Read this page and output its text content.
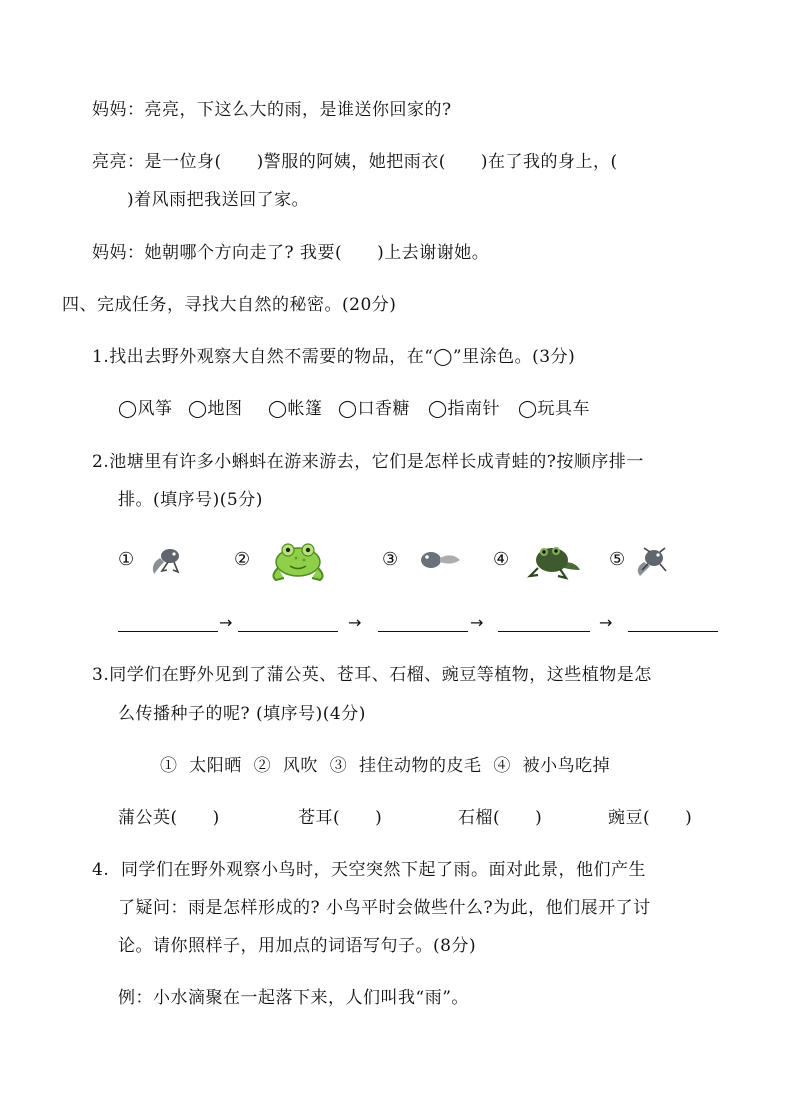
妈妈：亮亮，下这么大的雨，是谁送你回家的?
亮亮：是一位身(　　)警服的阿姨，她把雨衣(　　)在了我的身上，(
　　)着风雨把我送回了家。
妈妈：她朝哪个方向走了? 我要(　　)上去谢谢她。
四、完成任务，寻找大自然的秘密。(20分)
1.找出去野外观察大自然不需要的物品，在“◯”里涂色。(3分)
◯风筝 ◯地图 ◯帐篷 ◯口香糖 ◯指南针 ◯玩具车
2.池塘里有许多小蝌蚪在游来游去，它们是怎样长成青蛙的?按顺序排一
排。(填序号)(5分)
①	②	③	④	⑤
→	→	→	→
3.同学们在野外见到了蒲公英、苍耳、石榴、豌豆等植物，这些植物是怎
么传播种子的呢? (填序号)(4分)
①  太阳晒  ②  风吹  ③  挂住动物的皮毛  ④  被小鸟吃掉
蒲公英(　　)	苍耳(　　)	石榴(　　)	豌豆(　　)
4.  同学们在野外观察小鸟时，天空突然下起了雨。面对此景，他们产生
了疑问：雨是怎样形成的? 小鸟平时会做些什么?为此，他们展开了讨
论。请你照样子，用加点的词语写句子。(8分)
例：小水滴聚在一起落下来，人们叫我“雨”。
